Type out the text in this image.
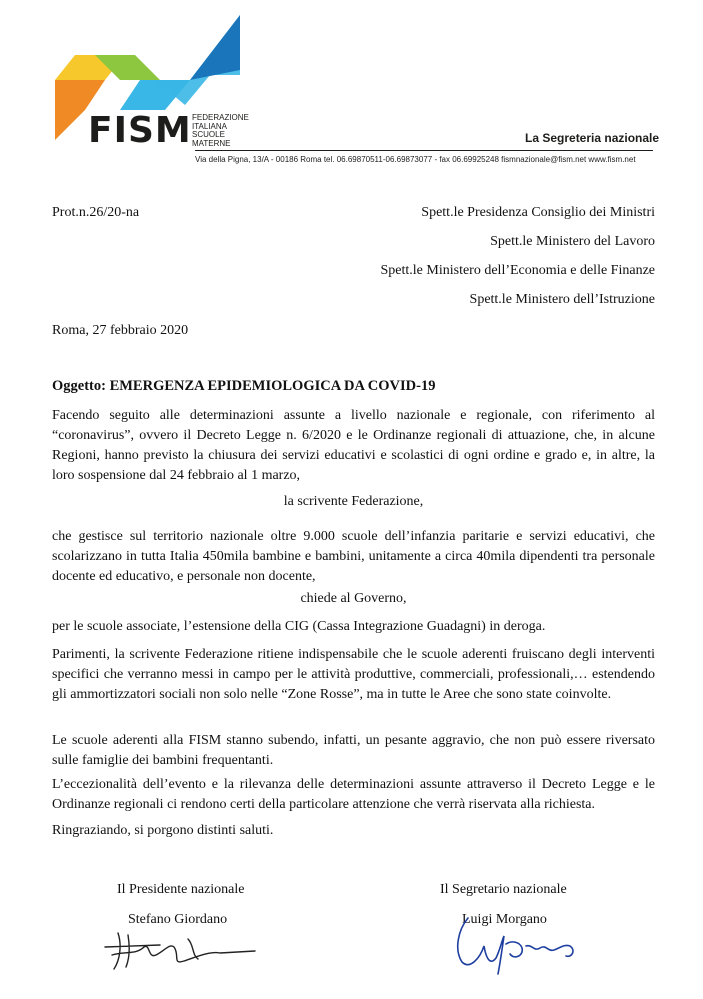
FISM FEDERAZIONE
ITALIANA
SCUOLE
MATERNE	La Segreteria nazionale
Via della Pigna, 13/A - 00186 Roma tel. 06.69870511-06.69873077 - fax 06.69925248 fismnazionale@fism.net www.fism.net
Prot.n.26/20-na	Spett.le Presidenza Consiglio dei Ministri
Spett.le Ministero del Lavoro
Spett.le Ministero dell’Economia e delle Finanze
Spett.le Ministero dell’Istruzione
Roma, 27 febbraio 2020
Oggetto: EMERGENZA EPIDEMIOLOGICA DA COVID-19
Facendo seguito alle determinazioni assunte a livello nazionale e regionale, con riferimento al “coronavirus”, ovvero il Decreto Legge n. 6/2020 e le Ordinanze regionali di attuazione, che, in alcune Regioni, hanno previsto la chiusura dei servizi educativi e scolastici di ogni ordine e grado e, in altre, la loro sospensione dal 24 febbraio al 1 marzo,
la scrivente Federazione,
che gestisce sul territorio nazionale oltre 9.000 scuole dell’infanzia paritarie e servizi educativi, che scolarizzano in tutta Italia 450mila bambine e bambini, unitamente a circa 40mila dipendenti tra personale docente ed educativo, e personale non docente,
chiede al Governo,
per le scuole associate, l’estensione della CIG (Cassa Integrazione Guadagni) in deroga.
Parimenti, la scrivente Federazione ritiene indispensabile che le scuole aderenti fruiscano degli interventi specifici che verranno messi in campo per le attività produttive, commerciali, professionali,… estendendo gli ammortizzatori sociali non solo nelle “Zone Rosse”, ma in tutte le Aree che sono state coinvolte.
Le scuole aderenti alla FISM stanno subendo, infatti, un pesante aggravio, che non può essere riversato sulle famiglie dei bambini frequentanti.
L’eccezionalità dell’evento e la rilevanza delle determinazioni assunte attraverso il Decreto Legge e le Ordinanze regionali ci rendono certi della particolare attenzione che verrà riservata alla richiesta.
Ringraziando, si porgono distinti saluti.
Il Presidente nazionale
Stefano Giordano
Il Segretario nazionale
Luigi Morgano
